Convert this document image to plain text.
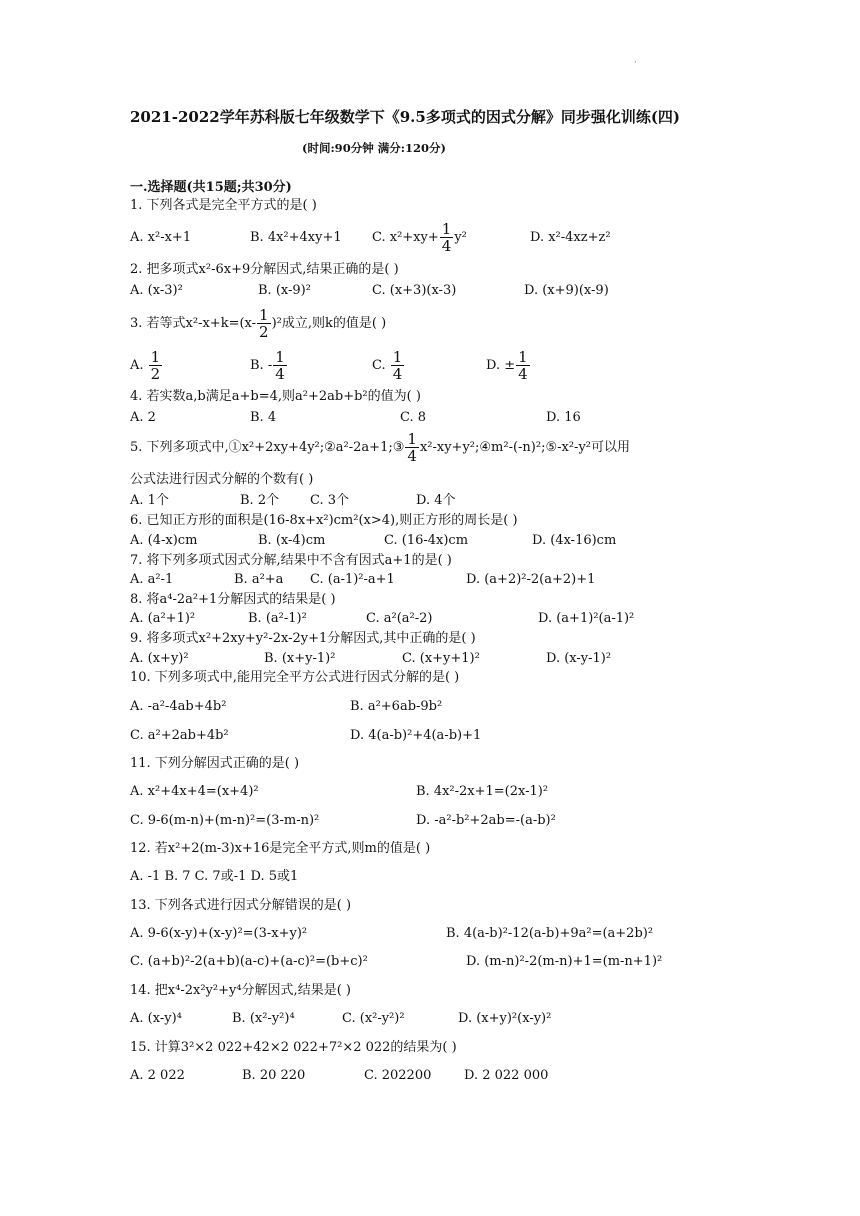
·
2021-2022学年苏科版七年级数学下《9.5多项式的因式分解》同步强化训练(四)
(时间:90分钟 满分:120分)
一.选择题(共15题;共30分)
1. 下列各式是完全平方式的是( )
A. x²-x+1	B. 4x²+4xy+1 C. $x^2+xy+ \frac{1}{4} y^2$	D. x²-4xz+z²
2. 把多项式x²-6x+9分解因式,结果正确的是( )
A. (x-3)²	B. (x-9)²	C. (x+3)(x-3)	D. (x+9)(x-9)
3. 若等式$x^2-x+k=(x- \frac{1}{2} )^2$成立,则k的值是( )
A. $\frac{1}{2}$	B. - $\frac{1}{4}$	C. $\frac{1}{4}$	D. ± $\frac{1}{4}$
4. 若实数a,b满足a+b=4,则a²+2ab+b²的值为( )
A. 2	B. 4	C. 8	D. 16
5. 下列多项式中,①x²+2xy+4y²;②a²-2a+1;③ $\frac{1}{4}$ x²-xy+y²;④m²-(-n)²;⑤-x²-y²可以用
公式法进行因式分解的个数有( )
A. 1个	B. 2个 C. 3个	D. 4个
6. 已知正方形的面积是(16-8x+x²)cm²(x>4),则正方形的周长是( )
A. (4-x)cm	B. (x-4)cm	C. (16-4x)cm	D. (4x-16)cm
7. 将下列多项式因式分解,结果中不含有因式a+1的是( )
A. a²-1	B. a²+a C. (a-1)²-a+1	D. (a+2)²-2(a+2)+1
8. 将a⁴-2a²+1分解因式的结果是( )
A. (a²+1)²	B. (a²-1)²	C. a²(a²-2)	D. (a+1)²(a-1)²
9. 将多项式x²+2xy+y²-2x-2y+1分解因式,其中正确的是( )
A. (x+y)²	B. (x+y-1)²	C. (x+y+1)²	D. (x-y-1)²
10. 下列多项式中,能用完全平方公式进行因式分解的是( )
A. -a²-4ab+4b²	B. a²+6ab-9b²
C. a²+2ab+4b²	D. 4(a-b)²+4(a-b)+1
11. 下列分解因式正确的是( )
A. x²+4x+4=(x+4)²	B. 4x²-2x+1=(2x-1)²
C. 9-6(m-n)+(m-n)²=(3-m-n)²	D. -a²-b²+2ab=-(a-b)²
12. 若x²+2(m-3)x+16是完全平方式,则m的值是( )
A. -1 B. 7 C. 7或-1 D. 5或1
13. 下列各式进行因式分解错误的是( )
A. 9-6(x-y)+(x-y)²=(3-x+y)²	B. 4(a-b)²-12(a-b)+9a²=(a+2b)²
C. (a+b)²-2(a+b)(a-c)+(a-c)²=(b+c)²	D. (m-n)²-2(m-n)+1=(m-n+1)²
14. 把x⁴-2x²y²+y⁴分解因式,结果是( )
A. (x-y)⁴	B. (x²-y²)⁴	C. (x²-y²)²	D. (x+y)²(x-y)²
15. 计算3²×2 022+42×2 022+7²×2 022的结果为( )
A. 2 022	B. 20 220	C. 202200	D. 2 022 000
